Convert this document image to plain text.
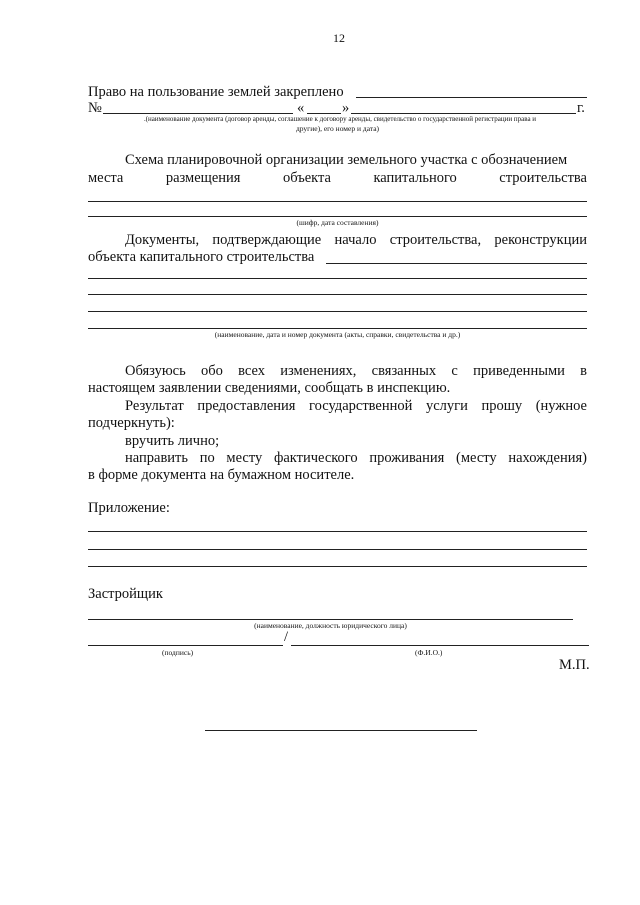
12
Право на пользование землей закреплено
№	«	»	г.
.(наименование документа (договор аренды, соглашение к договору аренды, свидетельство о государственной регистрации права и
другие), его номер и дата)
Схема планировочной организации земельного участка с обозначением
места размещения объекта капитального строительства
(шифр, дата составления)
Документы, подтверждающие начало строительства, реконструкции
объекта капитального строительства
(наименование, дата и номер документа (акты, справки, свидетельства и др.)
Обязуюсь обо всех изменениях, связанных с приведенными в
настоящем заявлении сведениями, сообщать в инспекцию.
Результат предоставления государственной услуги прошу (нужное
подчеркнуть):
вручить лично;
направить по месту фактического проживания (месту нахождения)
в форме документа на бумажном носителе.
Приложение:
Застройщик
(наименование, должность юридического лица)
/
(подпись)	(Ф.И.О.)
М.П.
